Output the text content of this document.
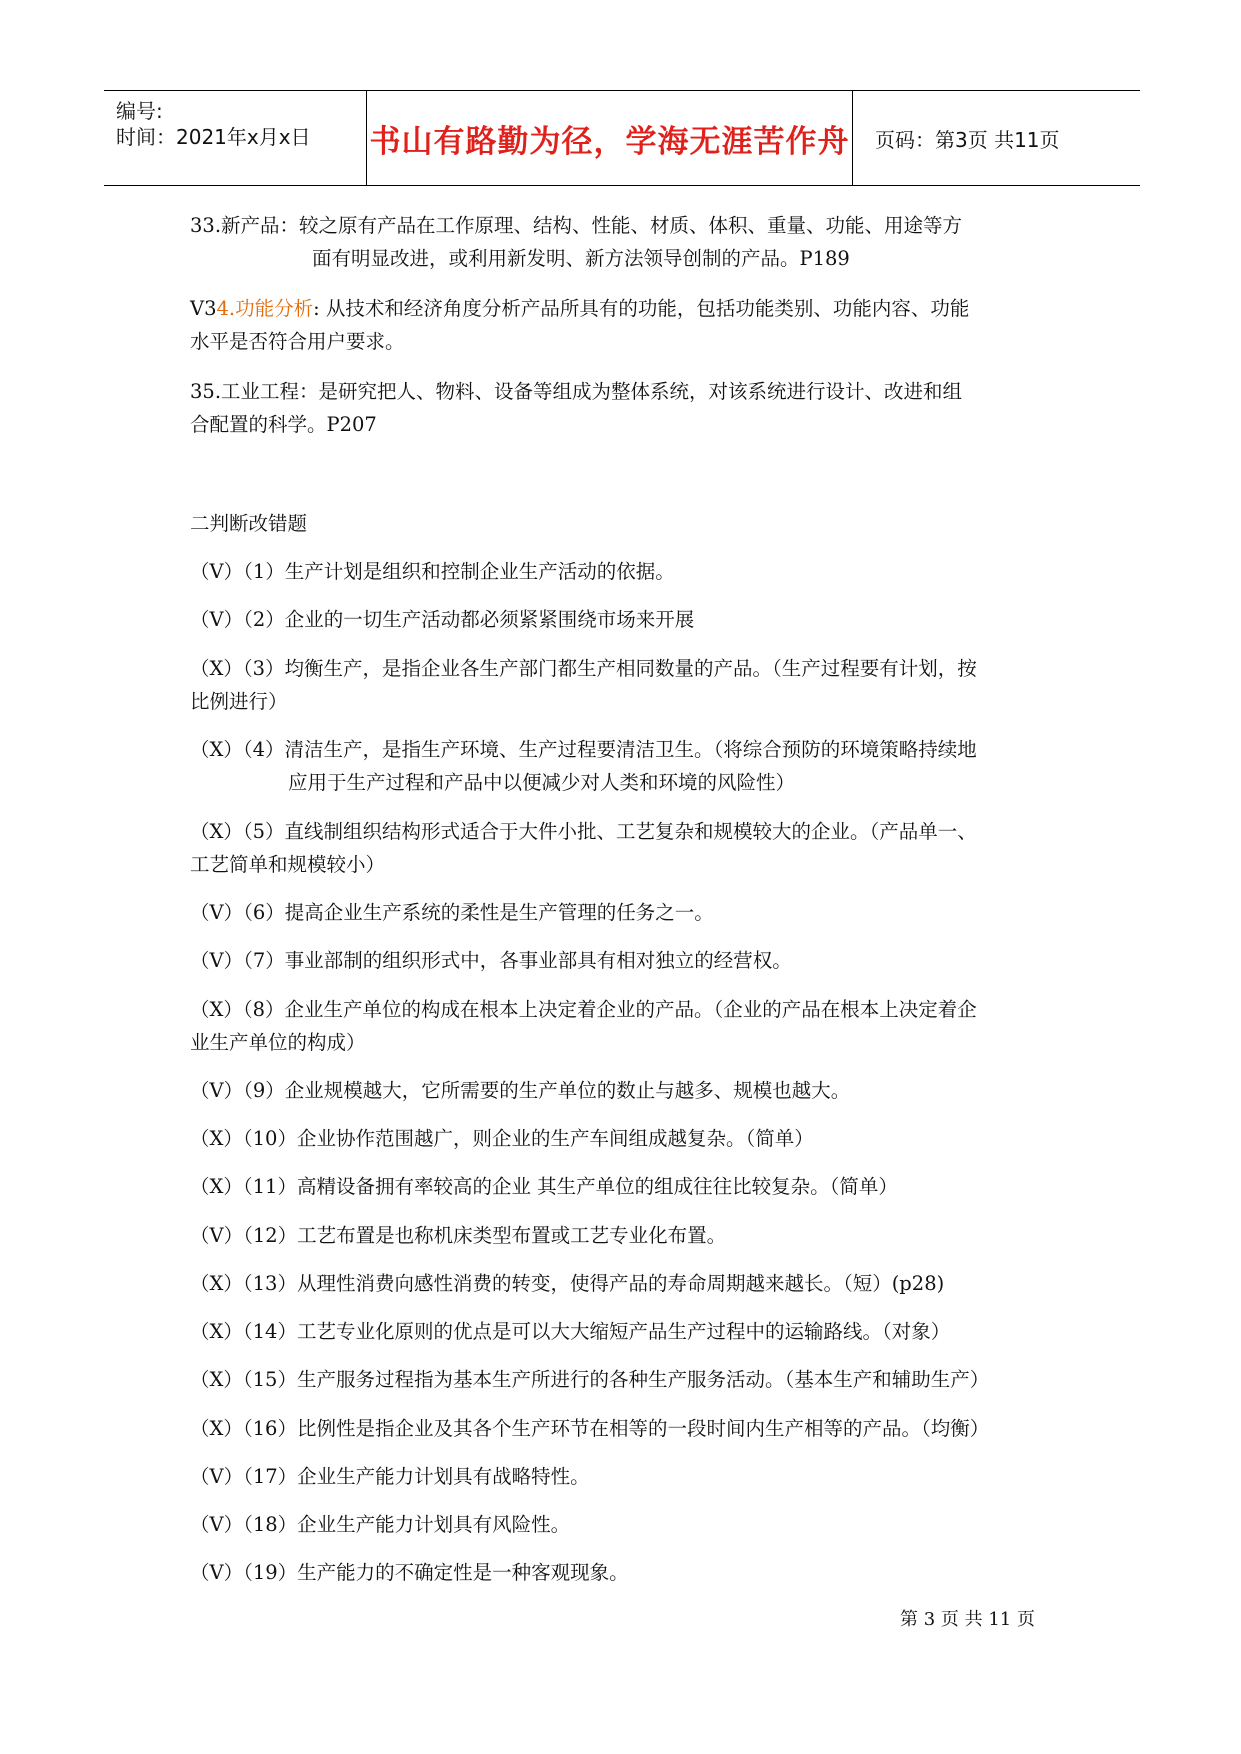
编号:
时间：2021年x月x日 书山有路勤为径，学海无涯苦作舟	页码：第3页 共11页
33.新产品：较之原有产品在工作原理、结构、性能、材质、体积、重量、功能、用途等方
面有明显改进，或利用新发明、新方法领导创制的产品。P189
V34.功能分析: 从技术和经济角度分析产品所具有的功能，包括功能类别、功能内容、功能
水平是否符合用户要求。
35.工业工程：是研究把人、物料、设备等组成为整体系统，对该系统进行设计、改进和组
合配置的科学。P207
二判断改错题
（V）（1）生产计划是组织和控制企业生产活动的依据。
（V）（2）企业的一切生产活动都必须紧紧围绕市场来开展
（X）（3）均衡生产，是指企业各生产部门都生产相同数量的产品。（生产过程要有计划，按
比例进行）
（X）（4）清洁生产，是指生产环境、生产过程要清洁卫生。（将综合预防的环境策略持续地
应用于生产过程和产品中以便减少对人类和环境的风险性）
（X）（5）直线制组织结构形式适合于大件小批、工艺复杂和规模较大的企业。（产品单一、
工艺简单和规模较小）
（V）（6）提高企业生产系统的柔性是生产管理的任务之一。
（V）（7）事业部制的组织形式中，各事业部具有相对独立的经营权。
（X）（8）企业生产单位的构成在根本上决定着企业的产品。（企业的产品在根本上决定着企
业生产单位的构成）
（V）（9）企业规模越大，它所需要的生产单位的数止与越多、规模也越大。
（X）（10）企业协作范围越广，则企业的生产车间组成越复杂。（简单）
（X）（11）高精设备拥有率较高的企业 其生产单位的组成往往比较复杂。（简单）
（V）（12）工艺布置是也称机床类型布置或工艺专业化布置。
（X）（13）从理性消费向感性消费的转变，使得产品的寿命周期越来越长。（短）(p28)
（X）（14）工艺专业化原则的优点是可以大大缩短产品生产过程中的运输路线。（对象）
（X）（15）生产服务过程指为基本生产所进行的各种生产服务活动。（基本生产和辅助生产）
（X）（16）比例性是指企业及其各个生产环节在相等的一段时间内生产相等的产品。（均衡）
（V）（17）企业生产能力计划具有战略特性。
（V）（18）企业生产能力计划具有风险性。
（V）（19）生产能力的不确定性是一种客观现象。
第 3 页 共 11 页
